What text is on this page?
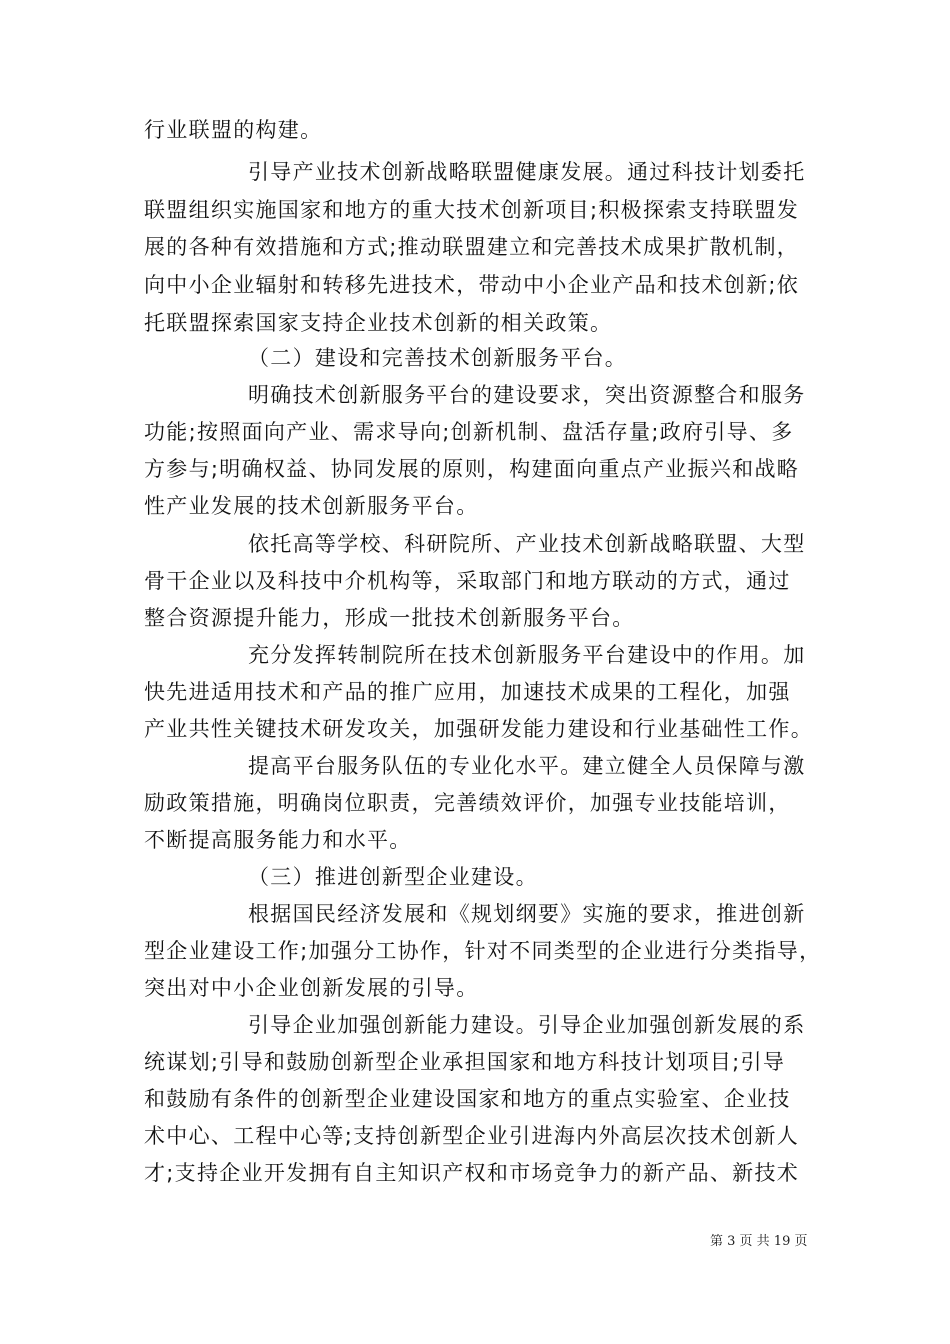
行业联盟的构建。
引导产业技术创新战略联盟健康发展。通过科技计划委托
联盟组织实施国家和地方的重大技术创新项目;积极探索支持联盟发
展的各种有效措施和方式;推动联盟建立和完善技术成果扩散机制，
向中小企业辐射和转移先进技术，带动中小企业产品和技术创新;依
托联盟探索国家支持企业技术创新的相关政策。
（二）建设和完善技术创新服务平台。
明确技术创新服务平台的建设要求，突出资源整合和服务
功能;按照面向产业、需求导向;创新机制、盘活存量;政府引导、多
方参与;明确权益、协同发展的原则，构建面向重点产业振兴和战略
性产业发展的技术创新服务平台。
依托高等学校、科研院所、产业技术创新战略联盟、大型
骨干企业以及科技中介机构等，采取部门和地方联动的方式，通过
整合资源提升能力，形成一批技术创新服务平台。
充分发挥转制院所在技术创新服务平台建设中的作用。加
快先进适用技术和产品的推广应用，加速技术成果的工程化，加强
产业共性关键技术研发攻关，加强研发能力建设和行业基础性工作。
提高平台服务队伍的专业化水平。建立健全人员保障与激
励政策措施，明确岗位职责，完善绩效评价，加强专业技能培训，
不断提高服务能力和水平。
（三）推进创新型企业建设。
根据国民经济发展和《规划纲要》实施的要求，推进创新
型企业建设工作;加强分工协作，针对不同类型的企业进行分类指导，
突出对中小企业创新发展的引导。
引导企业加强创新能力建设。引导企业加强创新发展的系
统谋划;引导和鼓励创新型企业承担国家和地方科技计划项目;引导
和鼓励有条件的创新型企业建设国家和地方的重点实验室、企业技
术中心、工程中心等;支持创新型企业引进海内外高层次技术创新人
才;支持企业开发拥有自主知识产权和市场竞争力的新产品、新技术
第 3 页 共 19 页
